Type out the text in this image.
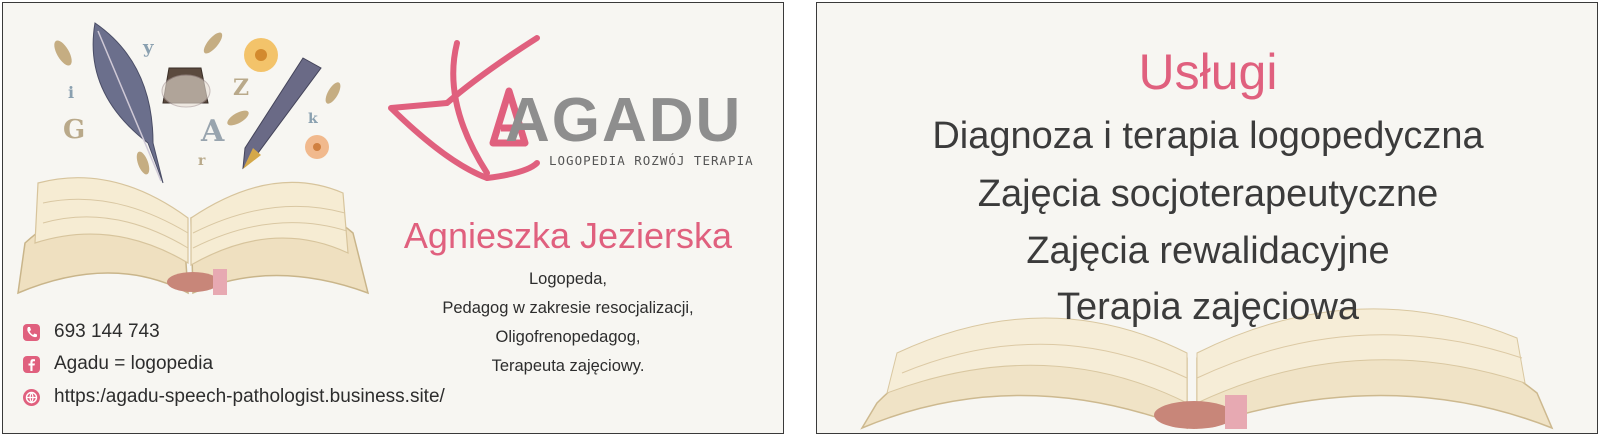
Z
A
G
y
i
k
r
AGADU
LOGOPEDIA ROZWÓJ TERAPIA
Agnieszka Jezierska
Logopeda,
Pedagog w zakresie resocjalizacji,
Oligofrenopedagog,
Terapeuta zajęciowy.
693 144 743
Agadu = logopedia
https:/agadu-speech-pathologist.business.site/
Usługi
Diagnoza i terapia logopedyczna
Zajęcia socjoterapeutyczne
Zajęcia rewalidacyjne
Terapia zajęciowa
